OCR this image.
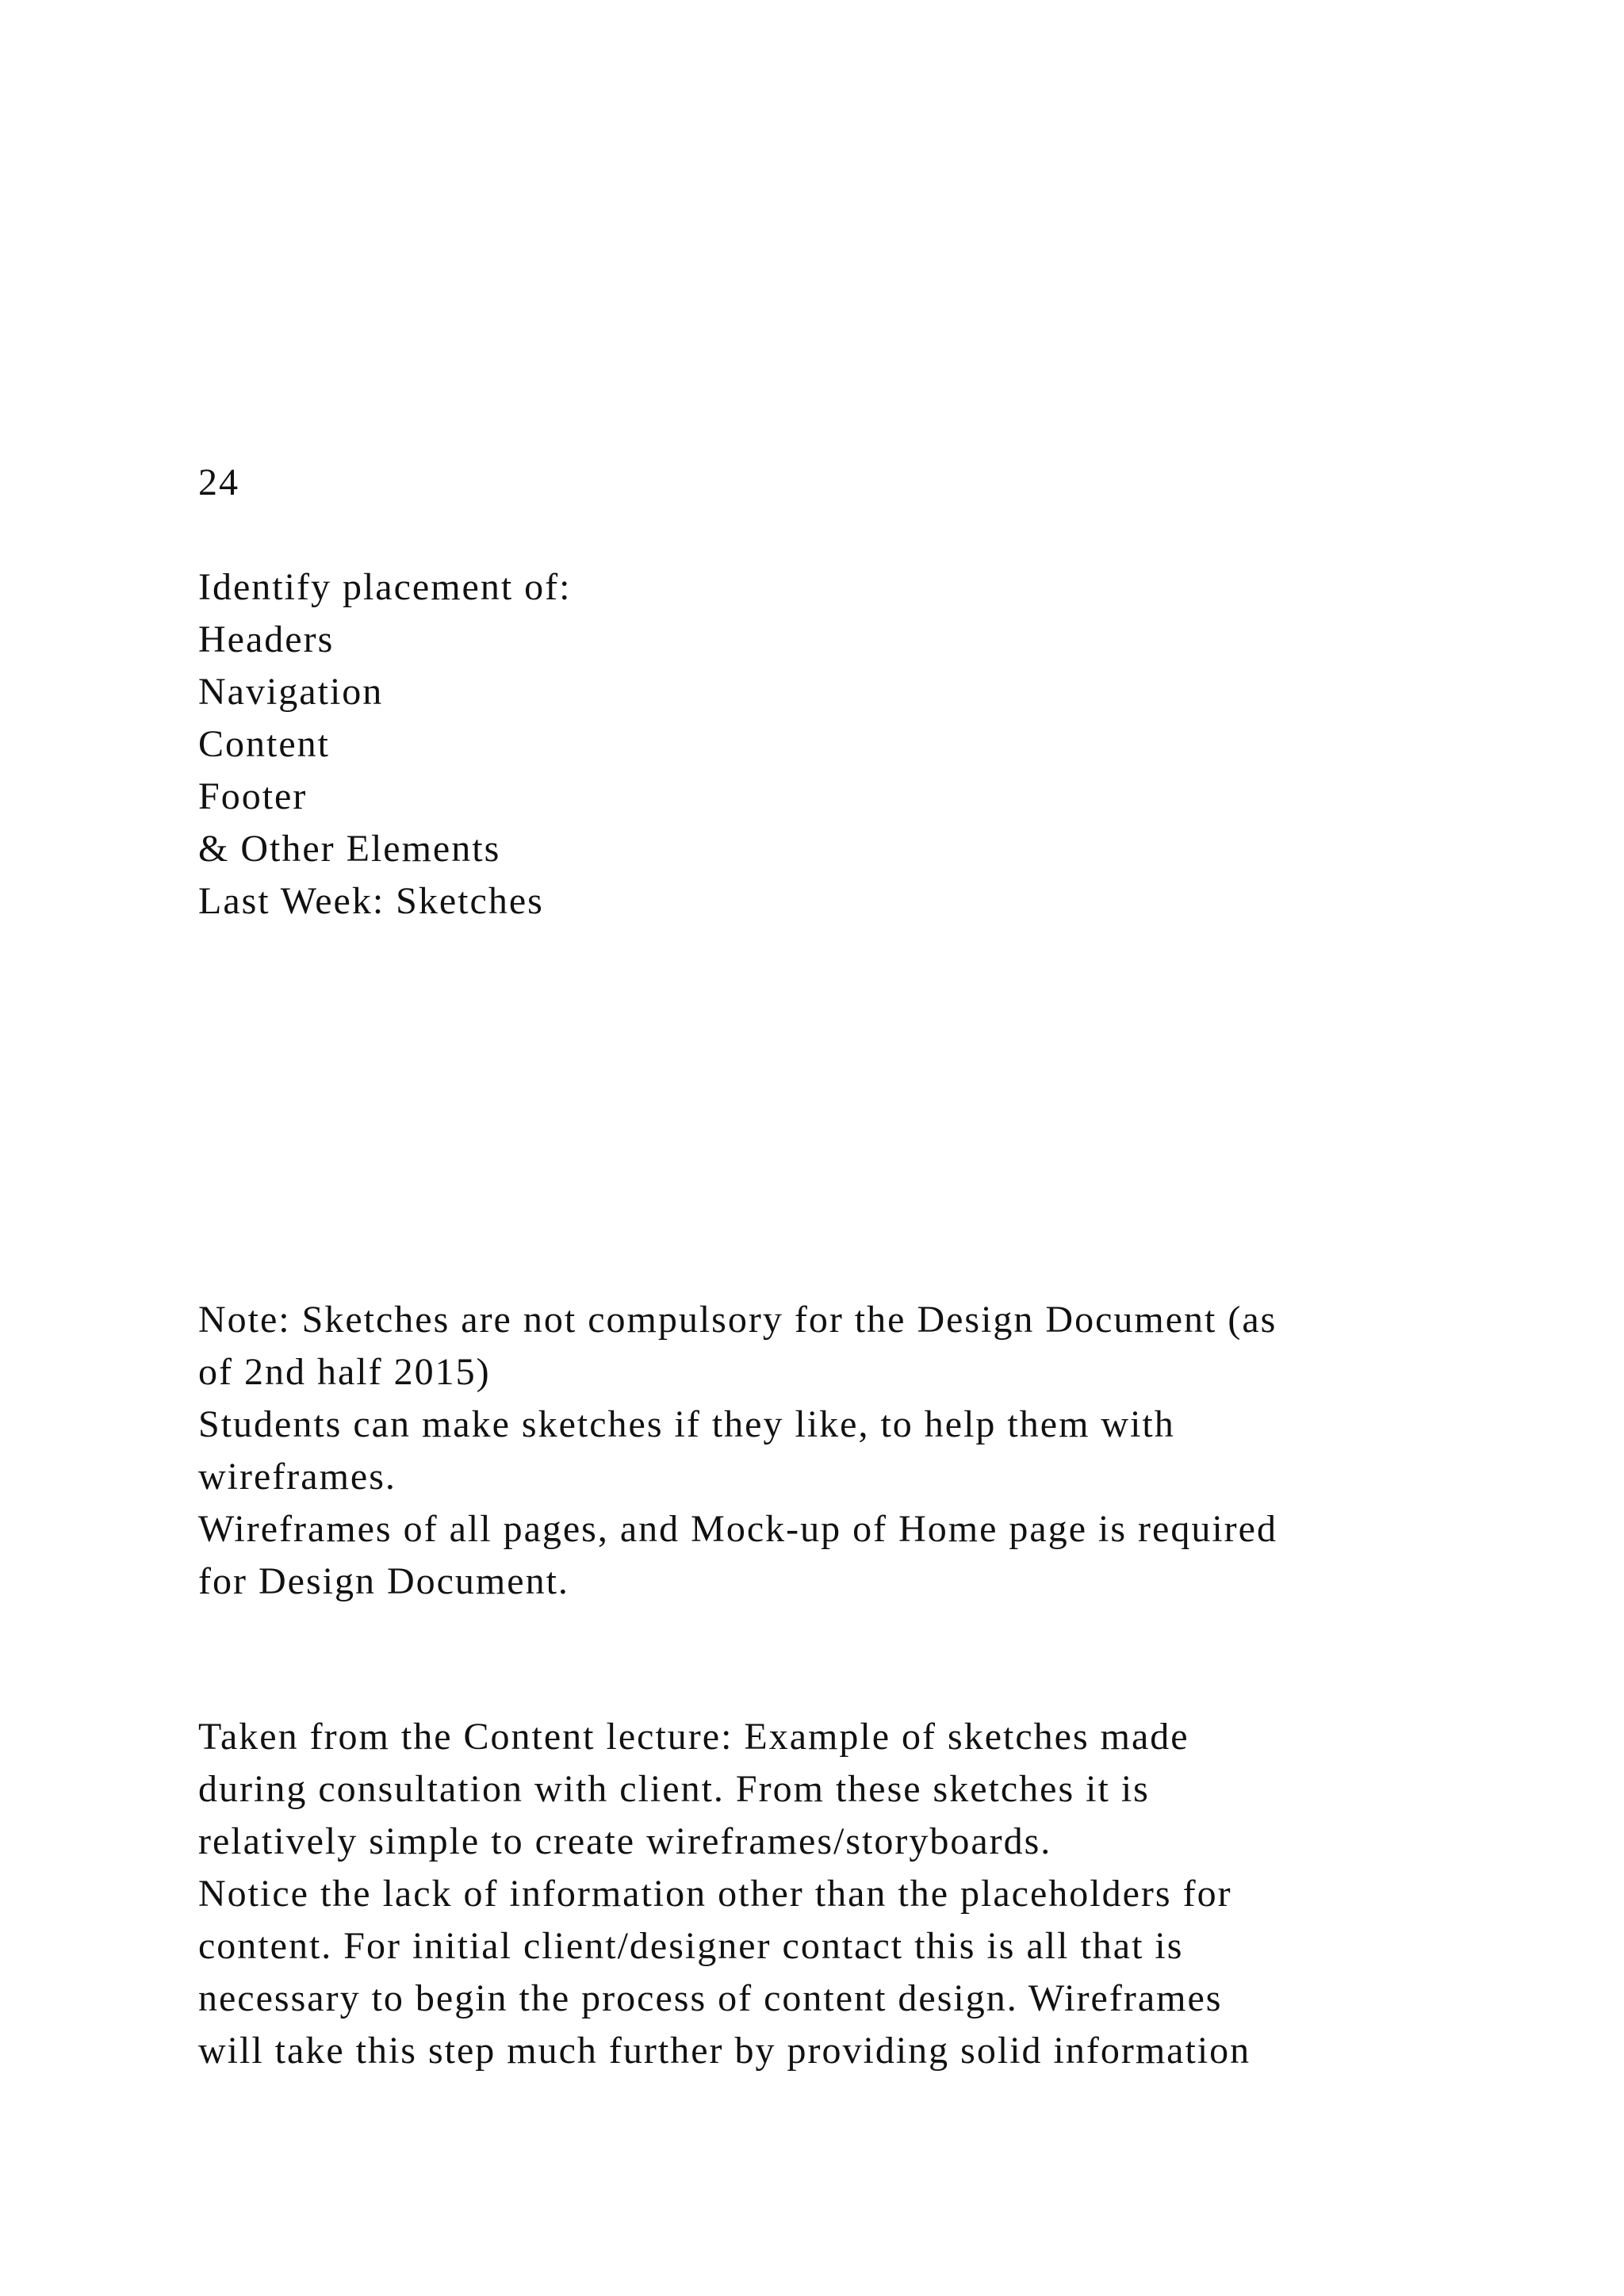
24
Identify placement of:
Headers
Navigation
Content
Footer
& Other Elements
Last Week: Sketches
Note: Sketches are not compulsory for the Design Document (as
of 2nd half 2015)
Students can make sketches if they like, to help them with
wireframes.
Wireframes of all pages, and Mock-up of Home page is required
for Design Document.
Taken from the Content lecture: Example of sketches made
during consultation with client. From these sketches it is
relatively simple to create wireframes/storyboards.
Notice the lack of information other than the placeholders for
content. For initial client/designer contact this is all that is
necessary to begin the process of content design. Wireframes
will take this step much further by providing solid information
